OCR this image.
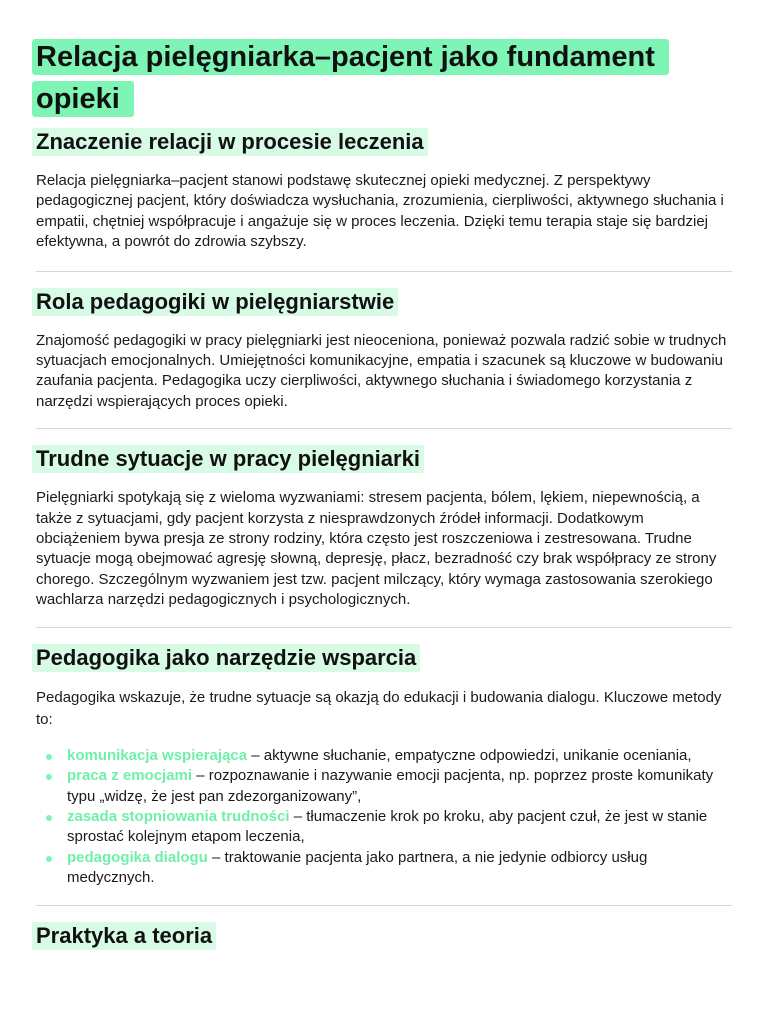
Relacja pielęgniarka–pacjent jako fundament opieki
Znaczenie relacji w procesie leczenia

Relacja pielęgniarka–pacjent stanowi podstawę skutecznej opieki medycznej. Z perspektywy pedagogicznej pacjent, który doświadcza wysłuchania, zrozumienia, cierpliwości, aktywnego słuchania i empatii, chętniej współpracuje i angażuje się w proces leczenia. Dzięki temu terapia staje się bardziej efektywna, a powrót do zdrowia szybszy.

Rola pedagogiki w pielęgniarstwie

Znajomość pedagogiki w pracy pielęgniarki jest nieoceniona, ponieważ pozwala radzić sobie w trudnych sytuacjach emocjonalnych. Umiejętności komunikacyjne, empatia i szacunek są kluczowe w budowaniu zaufania pacjenta. Pedagogika uczy cierpliwości, aktywnego słuchania i świadomego korzystania z narzędzi wspierających proces opieki.

Trudne sytuacje w pracy pielęgniarki

Pielęgniarki spotykają się z wieloma wyzwaniami: stresem pacjenta, bólem, lękiem, niepewnością, a także z sytuacjami, gdy pacjent korzysta z niesprawdzonych źródeł informacji. Dodatkowym obciążeniem bywa presja ze strony rodziny, która często jest roszczeniowa i zestresowana. Trudne sytuacje mogą obejmować agresję słowną, depresję, płacz, bezradność czy brak współpracy ze strony chorego. Szczególnym wyzwaniem jest tzw. pacjent milczący, który wymaga zastosowania szerokiego wachlarza narzędzi pedagogicznych i psychologicznych.

Pedagogika jako narzędzie wsparcia

Pedagogika wskazuje, że trudne sytuacje są okazją do edukacji i budowania dialogu. Kluczowe metody to:

komunikacja wspierająca – aktywne słuchanie, empatyczne odpowiedzi, unikanie oceniania,
praca z emocjami – rozpoznawanie i nazywanie emocji pacjenta, np. poprzez proste komunikaty typu „widzę, że jest pan zdezorganizowany”,
zasada stopniowania trudności – tłumaczenie krok po kroku, aby pacjent czuł, że jest w stanie sprostać kolejnym etapom leczenia,
pedagogika dialogu – traktowanie pacjenta jako partnera, a nie jedynie odbiorcy usług medycznych.
Praktyka a teoria
